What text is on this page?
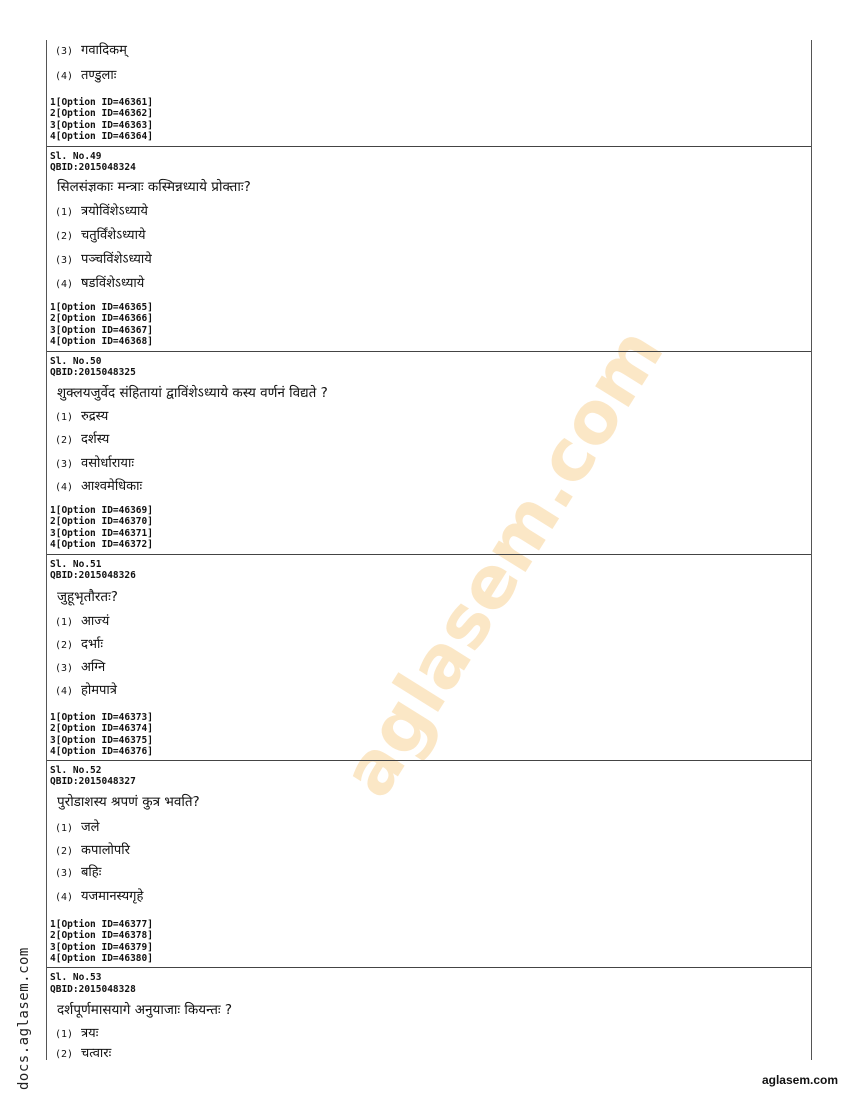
aglasem.com
(3) गवादिकम्
(4) तण्डुलाः
1[Option ID=46361]
2[Option ID=46362]
3[Option ID=46363]
4[Option ID=46364]
Sl. No.49
QBID:2015048324
सिलसंज्ञकाः मन्त्राः कस्मिन्नध्याये प्रोक्ताः?
(1) त्रयोविंशेऽध्याये
(2) चतुर्विंशेऽध्याये
(3) पञ्चविंशेऽध्याये
(4) षडविंशेऽध्याये
1[Option ID=46365]
2[Option ID=46366]
3[Option ID=46367]
4[Option ID=46368]
Sl. No.50
QBID:2015048325
शुक्लयजुर्वेद संहितायां द्वाविंशेऽध्याये कस्य वर्णनं विद्यते ?
(1) रुद्रस्य
(2) दर्शस्य
(3) वसोर्धारायाः
(4) आश्वमेधिकाः
1[Option ID=46369]
2[Option ID=46370]
3[Option ID=46371]
4[Option ID=46372]
Sl. No.51
QBID:2015048326
जुहूभृतौरतः?
(1) आज्यं
(2) दर्भाः
(3) अग्नि
(4) होमपात्रे
1[Option ID=46373]
2[Option ID=46374]
3[Option ID=46375]
4[Option ID=46376]
Sl. No.52
QBID:2015048327
पुरोडाशस्य श्रपणं कुत्र भवति?
(1) जले
(2) कपालोपरि
(3) बहिः
(4) यजमानस्यगृहे
1[Option ID=46377]
2[Option ID=46378]
3[Option ID=46379]
4[Option ID=46380]
Sl. No.53
QBID:2015048328
दर्शपूर्णमासयागे अनुयाजाः कियन्तः ?
(1) त्रयः
(2) चत्वारः
docs.aglasem.com	aglasem.com
